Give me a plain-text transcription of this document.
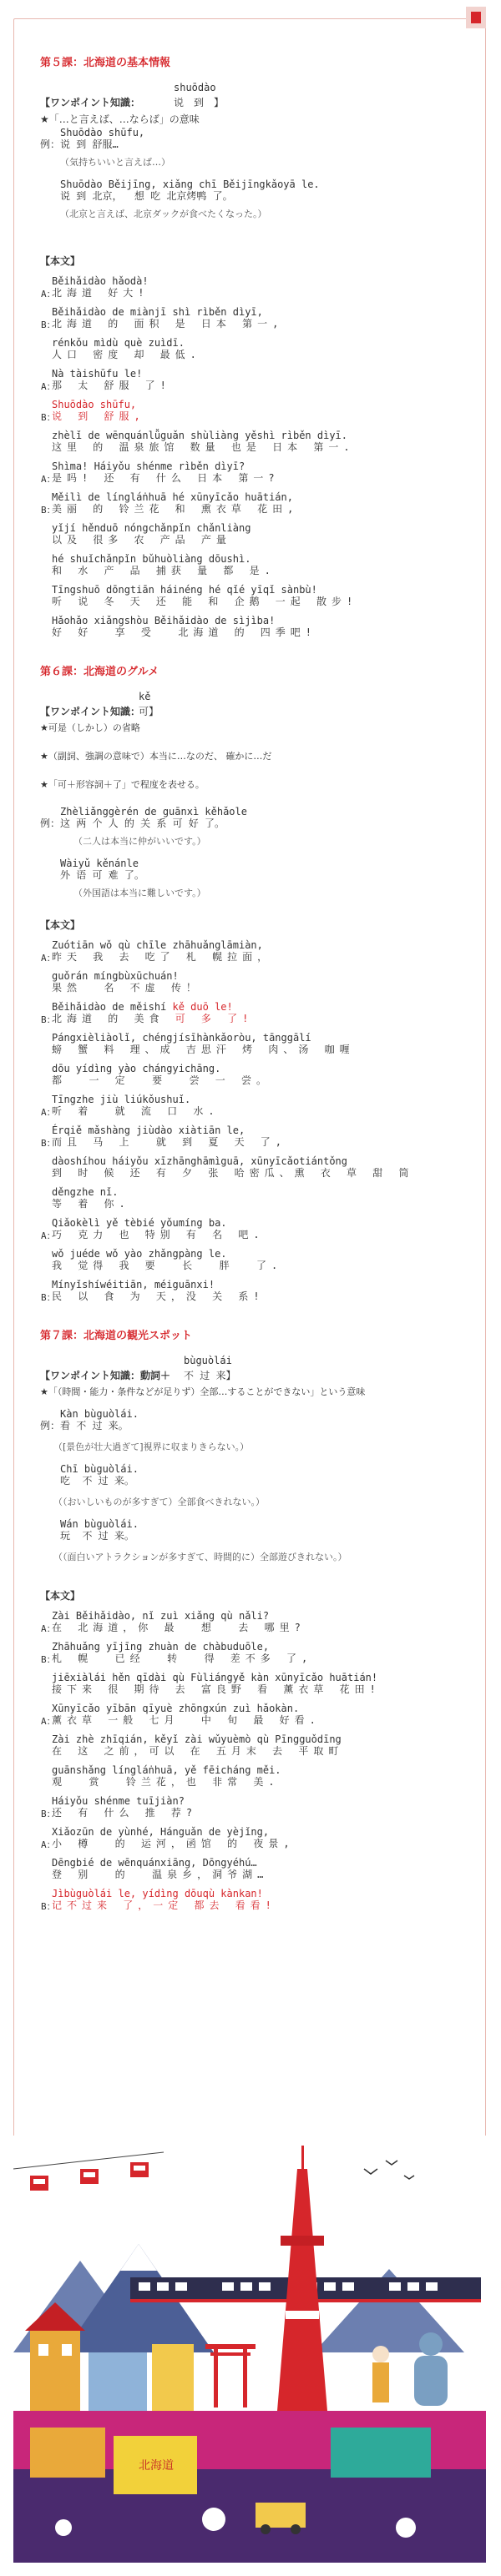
第５課：北海道の基本情報
shuōdào
【ワンポイント知識：	说　到　】
★「…と言えば、…ならば」の意味
　　Shuōdào shūfu,
例：说 到 舒服…
（気持ちいいと言えば…）
　　Shuōdào Běijīng, xiǎng chī Běijīngkǎoyā le.
　　说 到 北京，  想 吃 北京烤鸭 了。
（北京と言えば、北京ダックが食べたくなった。）
【本文】
A：
Běihǎidào hǎodà!
北海道 好大!
B：
Běihǎidào de miànjī shì rìběn dìyī,
北海道 的 面积 是 日本 第一,
rénkǒu mìdù què zuìdī.
人口 密度 却 最低.
A：
Nà tàishūfu le!
那 太 舒服 了!
B：
Shuōdào shūfu,
说 到 舒服,
zhèlǐ de wēnquánlǚguǎn shùliàng yěshì rìběn dìyī.
这里 的 温泉旅馆 数量 也是 日本 第一.
A：
Shìma! Háiyǒu shénme rìběn dìyī?
是吗! 还 有 什么 日本 第一?
B：
Měilì de língláṅhuā hé xūnyīcǎo huātián,
美丽 的 铃兰花 和 熏衣草 花田,
yǐjí hěnduō nóngchǎnpǐn chǎnliàng
以及 很多 农 产品 产量
hé shuǐchǎnpǐn bǔhuòliàng dōushì.
和 水 产 品 捕获 量 都 是.
Tīngshuō dōngtiān háinéng hé qǐé yīqǐ sànbù!
听 说 冬 天 还 能 和 企鹅 一起 散步!
Hǎohǎo xiǎngshòu Běihǎidào de sìjìba!
好 好  享 受  北海道 的 四季吧!
第６課：北海道のグルメ
kě
【ワンポイント知識：
可】
★可是（しかし）の省略
★（副詞、強調の意味で）本当に…なのだ、 確かに…だ
★「可＋形容詞＋了」で程度を表せる。
　　Zhèliǎnggèrén de guānxì kěhǎole
例：这 两 个 人 的 关 系 可 好 了。
（二人は本当に仲がいいです。）
　　Wàiyǔ kěnánle
　　外 语 可 难 了。
（外国語は本当に難しいです。）
【本文】
A：
Zuótiān wǒ qù chīle zhāhuǎnglāmiàn,
昨天 我 去 吃了 札 幌拉面，
guǒrán míngbùxūchuán!
果然  名 不虚 传！
B：
Běihǎidào de měishí kě duō le!
北海道 的 美食 可 多 了!
Pángxièliàolǐ, chéngjísīhànkǎoròu, tānggālí
螃 蟹 料 理、成 吉思汗 烤 肉、汤 咖喱
dōu yídìng yào chángyichāng.
都  一 定  要  尝 一 尝。
A：
Tīngzhe jiù liúkǒushuǐ.
听 着  就 流 口 水.
B：
Érqiě mǎshàng jiùdào xiàtiān le,
而且 马 上  就 到 夏 天 了,
dàoshíhou háiyǒu xīzhānghāmìguā, xūnyīcǎotiántǒng
到 时 候 还 有 夕 张 哈密瓜、熏 衣 草 甜 筒
děngzhe nǐ.
等 着 你.
A：
Qiǎokèlì yě tèbié yǒumíng ba.
巧 克力 也 特别 有 名 吧.
wǒ juéde wǒ yào zhǎngpàng le.
我 觉得 我 要  长  胖  了.
B：
Mínyǐshíwéitiān, méiguānxi!
民 以 食 为 天，没 关 系!
第７課：北海道の観光スポット
bùguòlái
【ワンポイント知識：動詞＋ 不 过 来】
★「（時間・能力・条件などが足りず）全部…することができない」という意味
　　Kàn bùguòlái.
例：看 不 过 来。
（[景色が壮大過ぎて]視界に収まりきらない。）
　　Chī bùguòlái.
　　吃  不 过 来。
（（おいしいものが多すぎて）全部食べきれない。）
　　Wán bùguòlái.
　　玩  不 过 来。
（（面白いアトラクションが多すぎて、時間的に）全部遊びきれない。）
【本文】
A：
Zài Běihǎidào, nǐ zuì xiǎng qù nǎli?
在 北海道，你 最  想  去 哪里?
B：
Zhāhuǎng yījīng zhuàn de chàbuduōle,
札 幌  已经  转  得 差不多 了,
jiēxiàlái hěn qīdài qù Fùliángyě kàn xūnyīcǎo huātián!
接下来 很 期待 去 富良野 看 薰衣草 花田!
A：
Xūnyīcǎo yībān qīyuè zhōngxún zuì hǎokàn.
薰衣草 一般 七月  中 旬 最 好看.
Zài zhè zhīqián, kěyǐ zài wǔyuèmò qù Pīngguǒdīng
在 这 之前，可以 在 五月末 去 平取町
guānshǎng língláṅhuā, yě fēicháng měi.
观  赏  铃兰花，也 非常 美.
B：
Háiyǒu shénme tuījiàn?
还 有 什么 推 荐?
A：
Xiǎozūn de yùnhé, Hánguǎn de yèjǐng,
小 樽  的 运河，函馆 的 夜景,
Dēngbié de wēnquánxiāng, Dōngyéhú…
登 别  的  温泉乡，洞爷湖…
B：
Jìbùguòlái le, yídìng dōuqù kànkan!
记不过来 了，一定 都去 看看!
北海道
